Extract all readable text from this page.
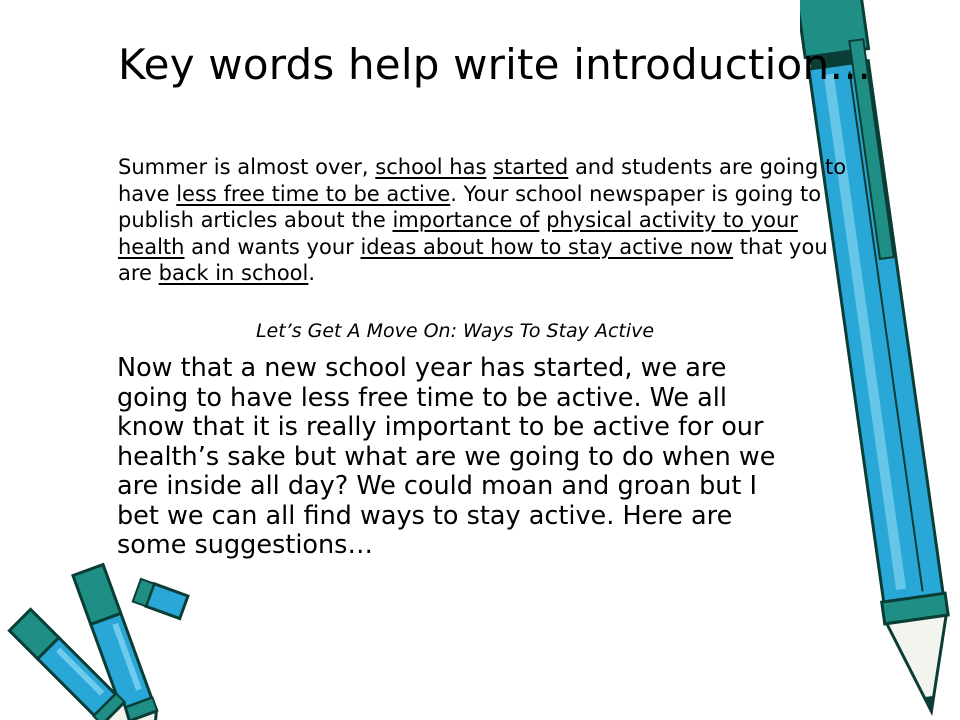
Key words help write introduction…

Summer is almost over, school has started and students are going to have less free time to be active. Your school newspaper is going to publish articles about the importance of physical activity to your health and wants your ideas about how to stay active now that you are back in school.

Let’s Get A Move On: Ways To Stay Active

Now that a new school year has started, we are going to have less free time to be active. We all know that it is really important to be active for our health’s sake but what are we going to do when we are inside all day? We could moan and groan but I bet we can all find ways to stay active. Here are some suggestions…
